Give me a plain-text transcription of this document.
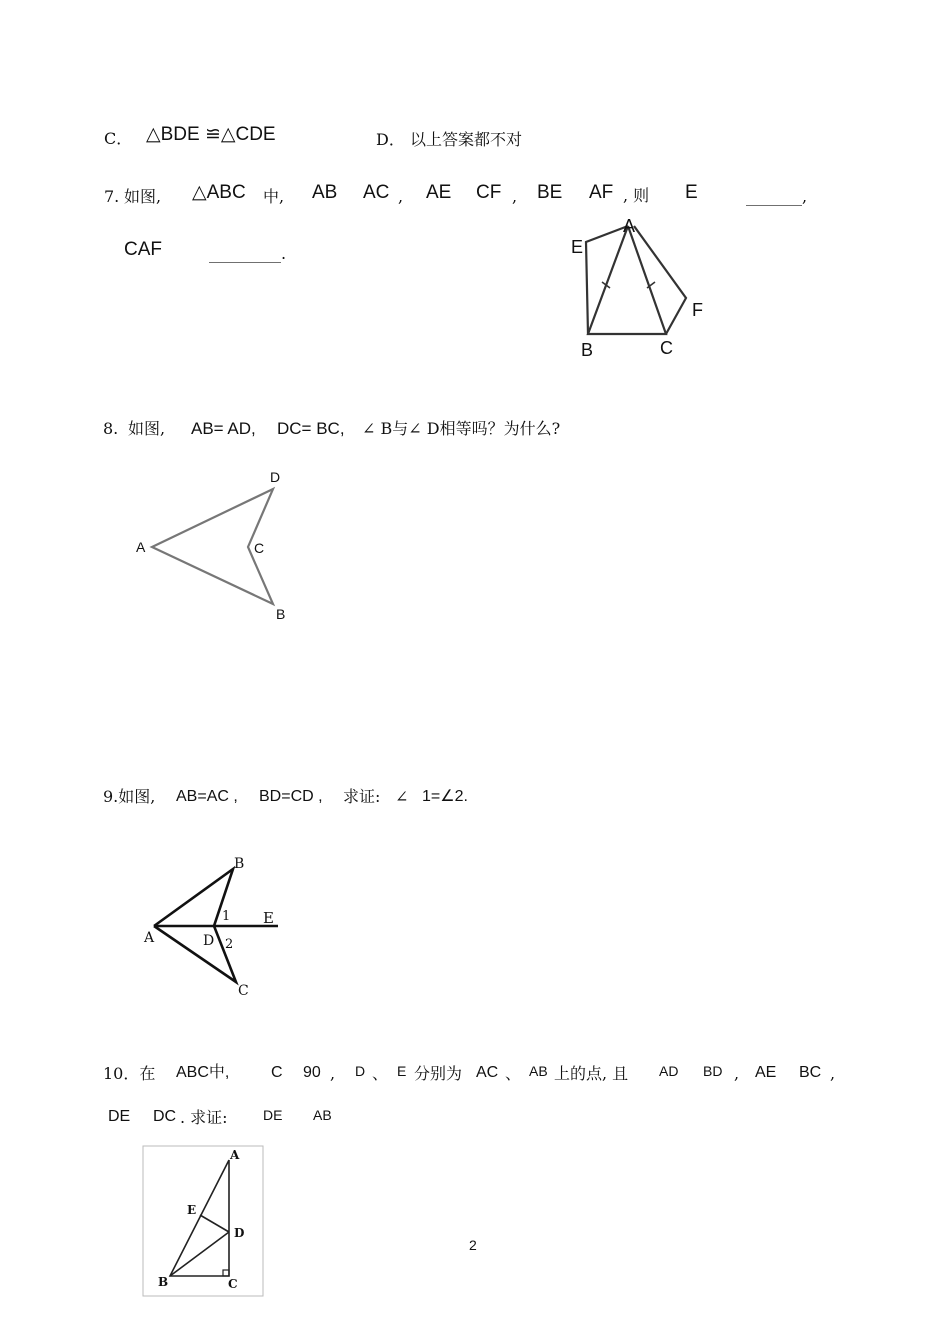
C． △BDE ≌△CDE	D． 以上答案都不对
7. 如图, △ABC 中, AB AC , AE CF , BE AF , 则 E	_______,
CAF	_________.
A
E
F
B	C
8. 如图, AB= AD, DC= BC, ∠ B与∠ D相等吗？为什么?
A
D
C
B
9.如图, AB=AC , BD=CD , 求证: ∠ 1=∠2.
A
B
C
D
E
1
2
10．在 ABC中,	C 90 , D 、 E 分别为 AC 、 AB 上的点, 且 AD BD , AE BC ,
DE DC . 求证:	DE AB
A
E
D
B	C
2
